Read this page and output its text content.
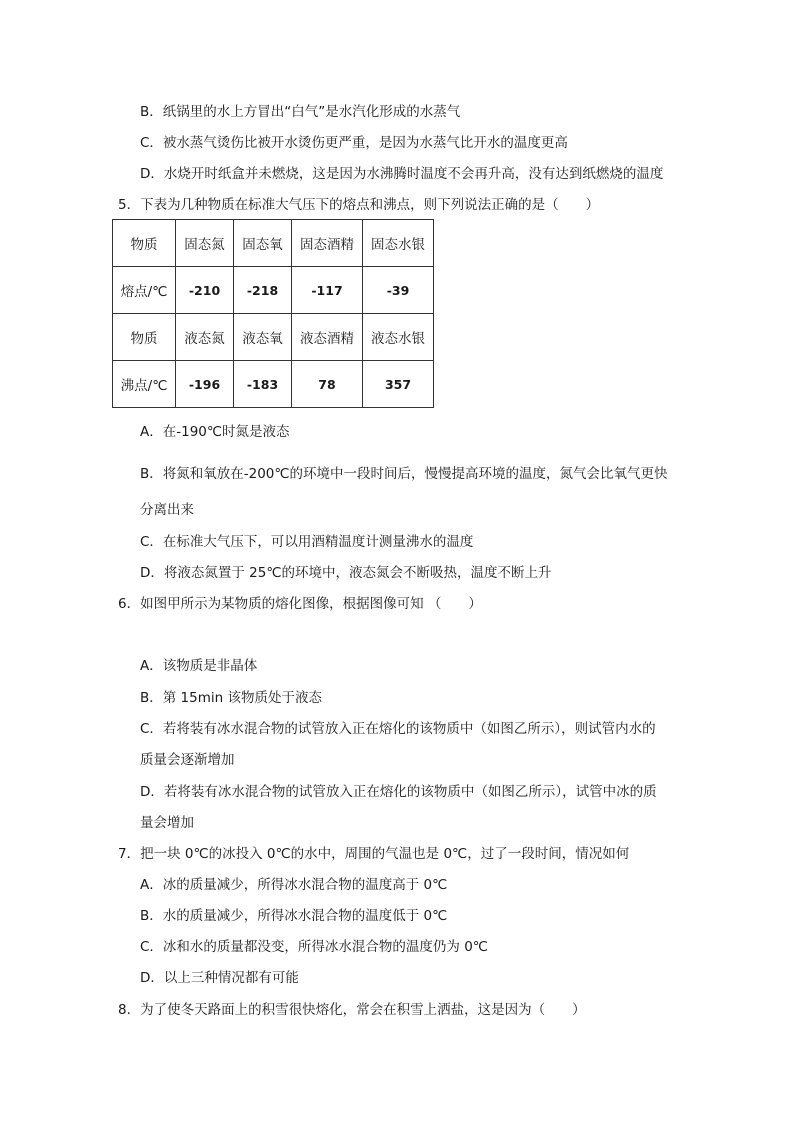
B．纸锅里的水上方冒出“白气”是水汽化形成的水蒸气
C．被水蒸气烫伤比被开水烫伤更严重，是因为水蒸气比开水的温度更高
D．水烧开时纸盒并未燃烧，这是因为水沸腾时温度不会再升高，没有达到纸燃烧的温度
5．下表为几种物质在标准大气压下的熔点和沸点，则下列说法正确的是（　　）
物质	固态氮	固态氧	固态酒精	固态水银
熔点/℃	-210	-218	-117	-39
物质	液态氮	液态氧	液态酒精	液态水银
沸点/℃	-196	-183	78	357
A．在-190℃时氮是液态
B．将氮和氧放在-200℃的环境中一段时间后，慢慢提高环境的温度，氮气会比氧气更快
分离出来
C．在标准大气压下，可以用酒精温度计测量沸水的温度
D．将液态氮置于 25℃的环境中，液态氮会不断吸热，温度不断上升
6．如图甲所示为某物质的熔化图像，根据图像可知 （　　）
A．该物质是非晶体
B．第 15min 该物质处于液态
C．若将装有冰水混合物的试管放入正在熔化的该物质中（如图乙所示），则试管内水的
质量会逐渐增加
D．若将装有冰水混合物的试管放入正在熔化的该物质中（如图乙所示），试管中冰的质
量会增加
7．把一块 0℃的冰投入 0℃的水中，周围的气温也是 0℃，过了一段时间，情况如何
A．冰的质量减少，所得冰水混合物的温度高于 0℃
B．水的质量减少，所得冰水混合物的温度低于 0℃
C．冰和水的质量都没变，所得冰水混合物的温度仍为 0℃
D．以上三种情况都有可能
8．为了使冬天路面上的积雪很快熔化，常会在积雪上洒盐，这是因为（　　）
